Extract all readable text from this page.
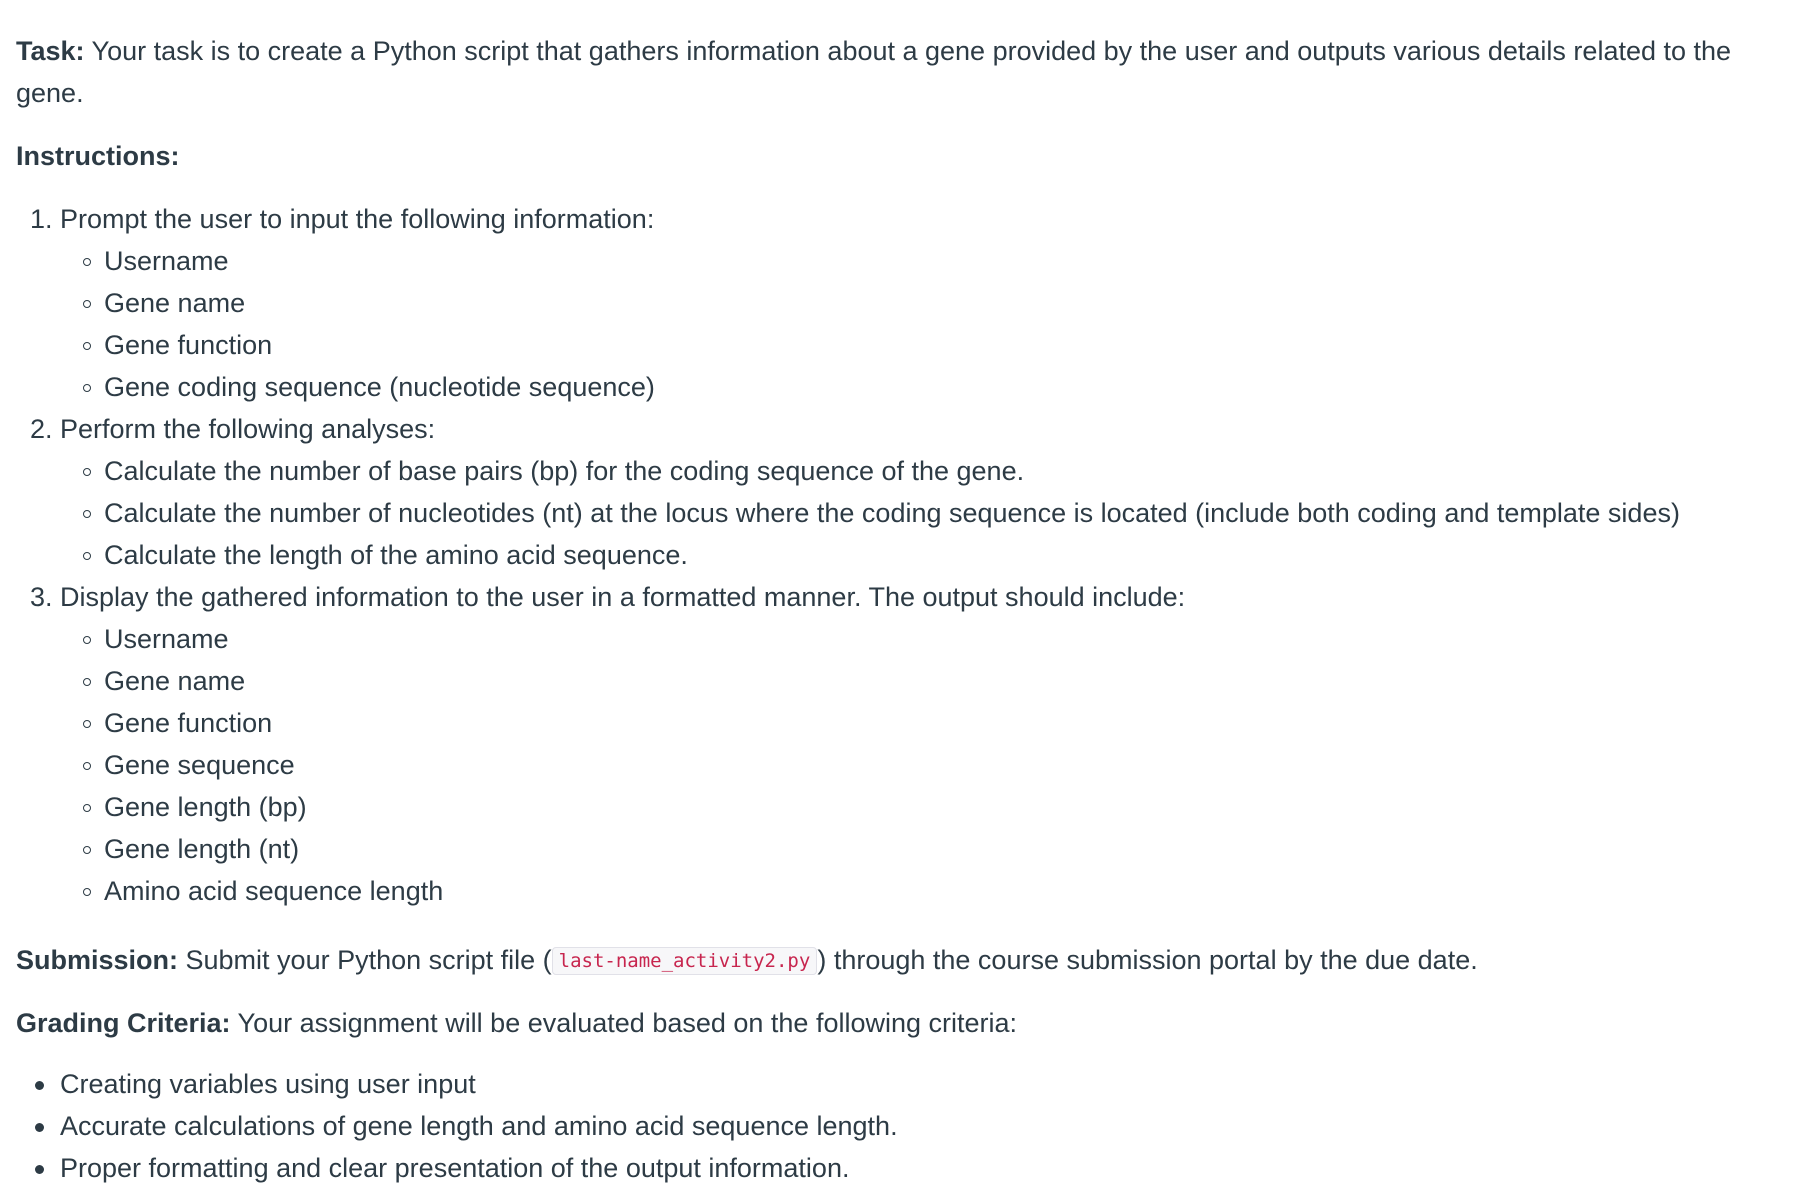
Task: Your task is to create a Python script that gathers information about a gene provided by the user and outputs various details related to the gene.

Instructions:

Prompt the user to input the following information:
Username
Gene name
Gene function
Gene coding sequence (nucleotide sequence)
Perform the following analyses:
Calculate the number of base pairs (bp) for the coding sequence of the gene.
Calculate the number of nucleotides (nt) at the locus where the coding sequence is located (include both coding and template sides)
Calculate the length of the amino acid sequence.
Display the gathered information to the user in a formatted manner. The output should include:
Username
Gene name
Gene function
Gene sequence
Gene length (bp)
Gene length (nt)
Amino acid sequence length

Submission: Submit your Python script file ( last-name_activity2.py ) through the course submission portal by the due date.

Grading Criteria: Your assignment will be evaluated based on the following criteria:

Creating variables using user input
Accurate calculations of gene length and amino acid sequence length.
Proper formatting and clear presentation of the output information.
